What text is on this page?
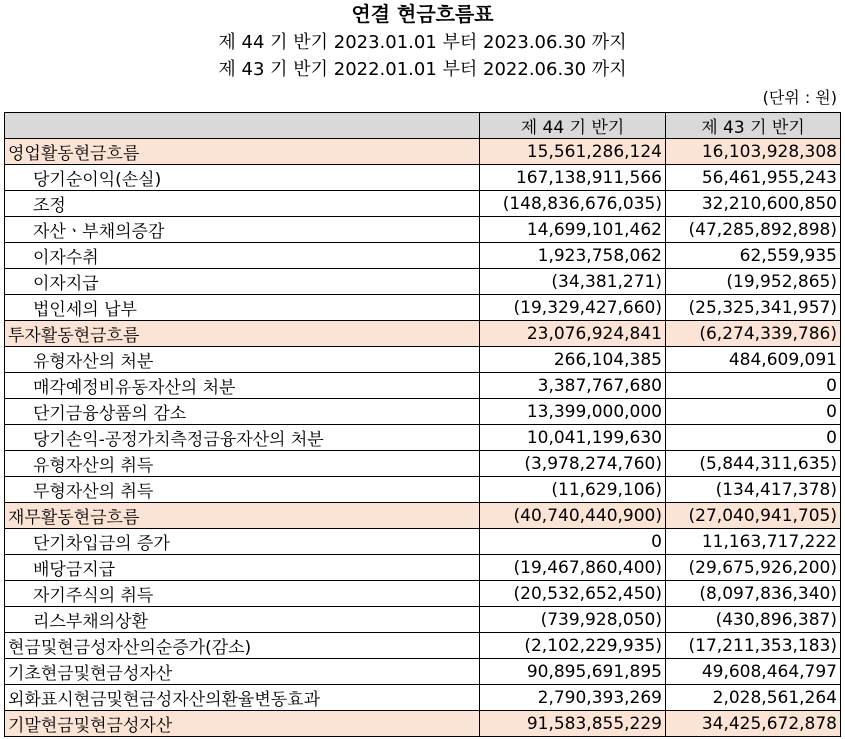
연결 현금흐름표
제 44 기 반기 2023.01.01 부터 2023.06.30 까지
제 43 기 반기 2022.01.01 부터 2022.06.30 까지
(단위 : 원)
	제 44 기 반기	제 43 기 반기
영업활동현금흐름	15,561,286,124	16,103,928,308
당기순이익(손실)	167,138,911,566	56,461,955,243
조정	(148,836,676,035)	32,210,600,850
자산ㆍ부채의증감	14,699,101,462	(47,285,892,898)
이자수취	1,923,758,062	62,559,935
이자지급	(34,381,271)	(19,952,865)
법인세의 납부	(19,329,427,660)	(25,325,341,957)
투자활동현금흐름	23,076,924,841	(6,274,339,786)
유형자산의 처분	266,104,385	484,609,091
매각예정비유동자산의 처분	3,387,767,680	0
단기금융상품의 감소	13,399,000,000	0
당기손익-공정가치측정금융자산의 처분	10,041,199,630	0
유형자산의 취득	(3,978,274,760)	(5,844,311,635)
무형자산의 취득	(11,629,106)	(134,417,378)
재무활동현금흐름	(40,740,440,900)	(27,040,941,705)
단기차입금의 증가	0	11,163,717,222
배당금지급	(19,467,860,400)	(29,675,926,200)
자기주식의 취득	(20,532,652,450)	(8,097,836,340)
리스부채의상환	(739,928,050)	(430,896,387)
현금및현금성자산의순증가(감소)	(2,102,229,935)	(17,211,353,183)
기초현금및현금성자산	90,895,691,895	49,608,464,797
외화표시현금및현금성자산의환율변동효과	2,790,393,269	2,028,561,264
기말현금및현금성자산	91,583,855,229	34,425,672,878
